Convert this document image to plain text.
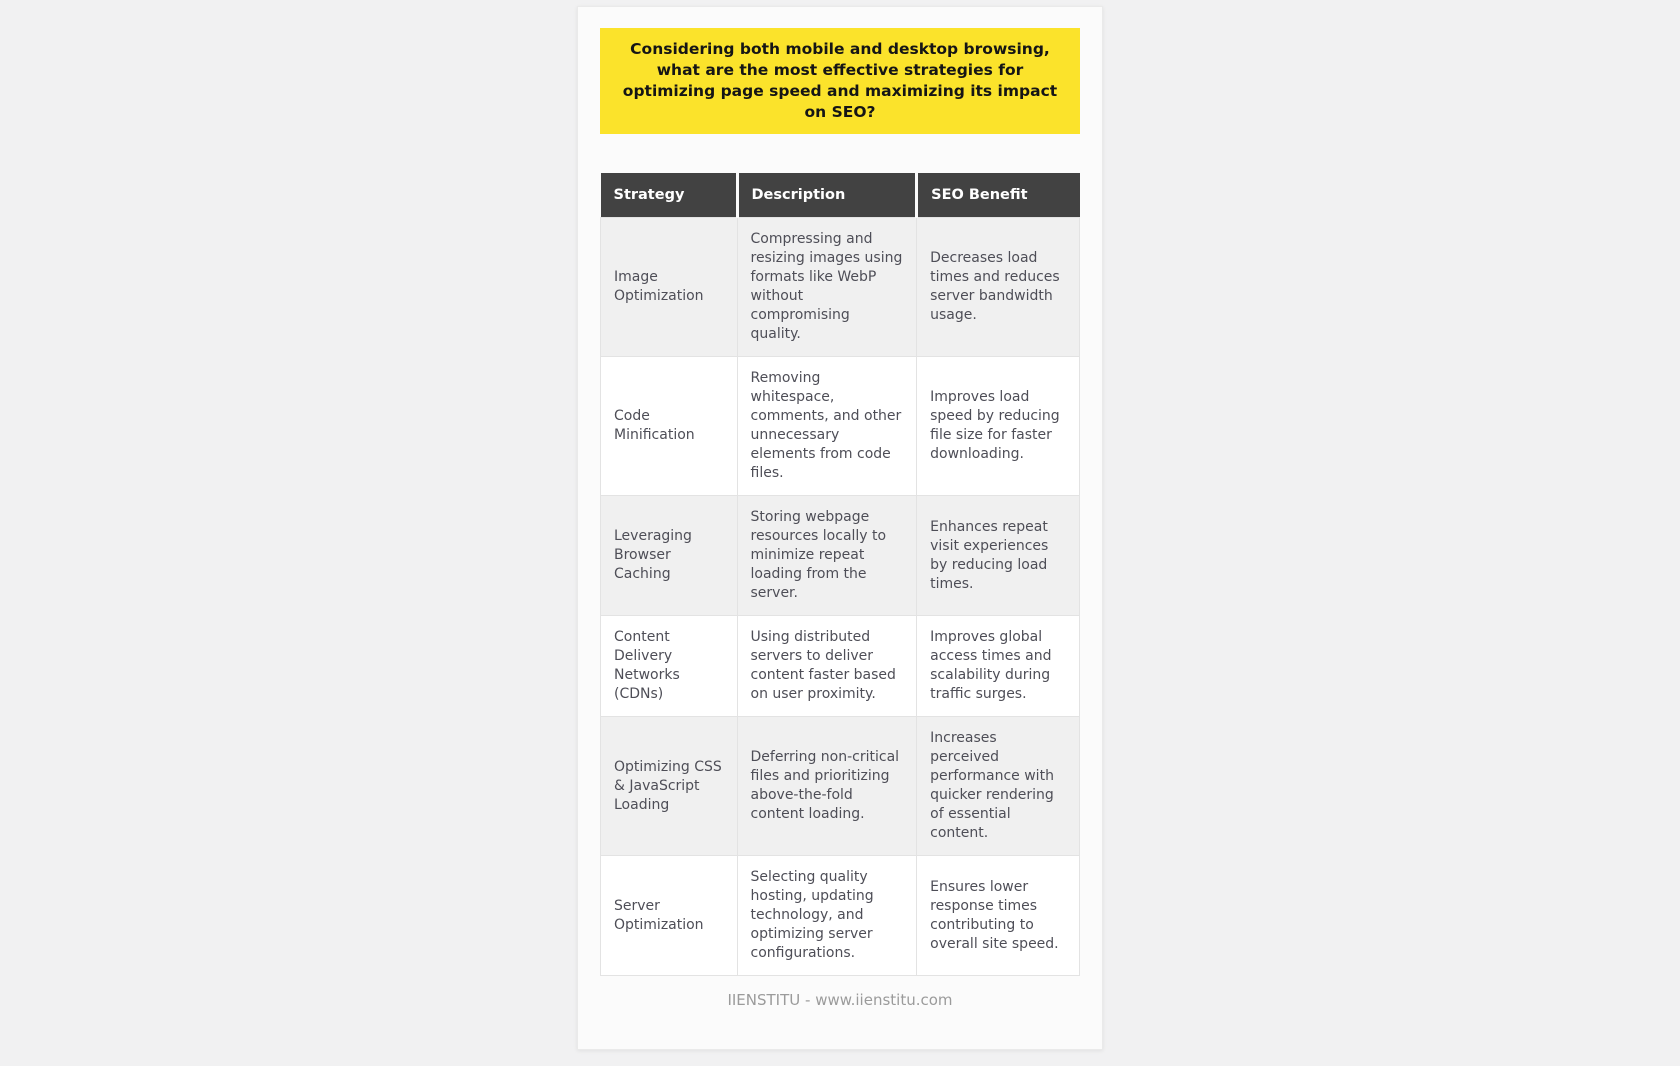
Considering both mobile and desktop browsing, what are the most effective strategies for optimizing page speed and maximizing its impact on SEO?
Strategy	Description	SEO Benefit
Image Optimization	Compressing and resizing images using formats like WebP without compromising quality.	Decreases load times and reduces server bandwidth usage.
Code Minification	Removing whitespace, comments, and other unnecessary elements from code files.	Improves load speed by reducing file size for faster downloading.
Leveraging Browser Caching	Storing webpage resources locally to minimize repeat loading from the server.	Enhances repeat visit experiences by reducing load times.
Content Delivery Networks (CDNs)	Using distributed servers to deliver content faster based on user proximity.	Improves global access times and scalability during traffic surges.
Optimizing CSS & JavaScript Loading	Deferring non-critical files and prioritizing above-the-fold content loading.	Increases perceived performance with quicker rendering of essential content.
Server Optimization	Selecting quality hosting, updating technology, and optimizing server configurations.	Ensures lower response times contributing to overall site speed.
IIENSTITU - www.iienstitu.com
